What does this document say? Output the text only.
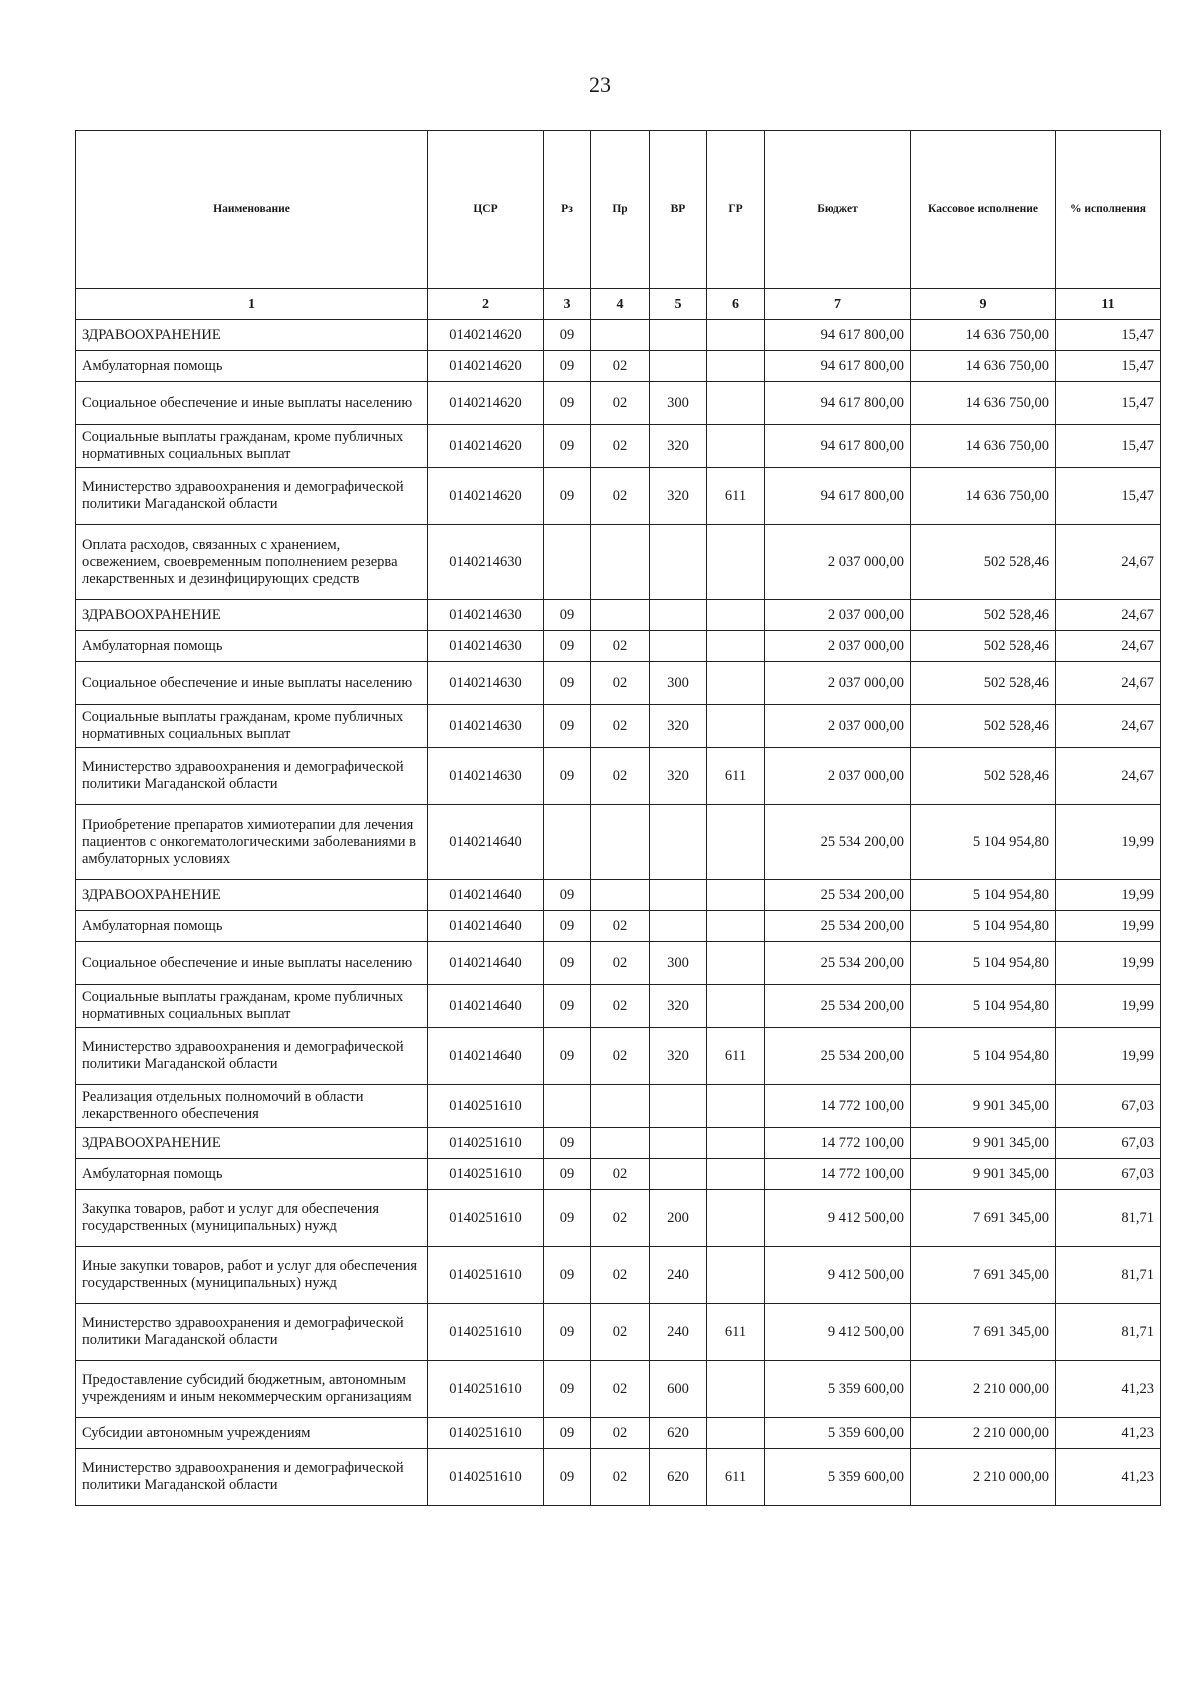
23
Наименование	ЦСР	Рз	Пр	ВР	ГР	Бюджет	Кассовое исполнение	% исполнения
1	2	3	4	5	6	7	9	11
ЗДРАВООХРАНЕНИЕ	0140214620	09				94 617 800,00	14 636 750,00	15,47
Амбулаторная помощь	0140214620	09	02			94 617 800,00	14 636 750,00	15,47
Социальное обеспечение и иные выплаты населению	0140214620	09	02	300		94 617 800,00	14 636 750,00	15,47
Социальные выплаты гражданам, кроме публичных нормативных социальных выплат	0140214620	09	02	320		94 617 800,00	14 636 750,00	15,47
Министерство здравоохранения и демографической политики Магаданской области	0140214620	09	02	320	611	94 617 800,00	14 636 750,00	15,47
Оплата расходов, связанных с хранением, освежением, своевременным пополнением резерва лекарственных и дезинфицирующих средств	0140214630					2 037 000,00	502 528,46	24,67
ЗДРАВООХРАНЕНИЕ	0140214630	09				2 037 000,00	502 528,46	24,67
Амбулаторная помощь	0140214630	09	02			2 037 000,00	502 528,46	24,67
Социальное обеспечение и иные выплаты населению	0140214630	09	02	300		2 037 000,00	502 528,46	24,67
Социальные выплаты гражданам, кроме публичных нормативных социальных выплат	0140214630	09	02	320		2 037 000,00	502 528,46	24,67
Министерство здравоохранения и демографической политики Магаданской области	0140214630	09	02	320	611	2 037 000,00	502 528,46	24,67
Приобретение препаратов химиотерапии для лечения пациентов с онкогематологическими заболеваниями в амбулаторных условиях	0140214640					25 534 200,00	5 104 954,80	19,99
ЗДРАВООХРАНЕНИЕ	0140214640	09				25 534 200,00	5 104 954,80	19,99
Амбулаторная помощь	0140214640	09	02			25 534 200,00	5 104 954,80	19,99
Социальное обеспечение и иные выплаты населению	0140214640	09	02	300		25 534 200,00	5 104 954,80	19,99
Социальные выплаты гражданам, кроме публичных нормативных социальных выплат	0140214640	09	02	320		25 534 200,00	5 104 954,80	19,99
Министерство здравоохранения и демографической политики Магаданской области	0140214640	09	02	320	611	25 534 200,00	5 104 954,80	19,99
Реализация отдельных полномочий в области лекарственного обеспечения	0140251610					14 772 100,00	9 901 345,00	67,03
ЗДРАВООХРАНЕНИЕ	0140251610	09				14 772 100,00	9 901 345,00	67,03
Амбулаторная помощь	0140251610	09	02			14 772 100,00	9 901 345,00	67,03
Закупка товаров, работ и услуг для обеспечения государственных (муниципальных) нужд	0140251610	09	02	200		9 412 500,00	7 691 345,00	81,71
Иные закупки товаров, работ и услуг для обеспечения государственных (муниципальных) нужд	0140251610	09	02	240		9 412 500,00	7 691 345,00	81,71
Министерство здравоохранения и демографической политики Магаданской области	0140251610	09	02	240	611	9 412 500,00	7 691 345,00	81,71
Предоставление субсидий бюджетным, автономным учреждениям и иным некоммерческим организациям	0140251610	09	02	600		5 359 600,00	2 210 000,00	41,23
Субсидии автономным учреждениям	0140251610	09	02	620		5 359 600,00	2 210 000,00	41,23
Министерство здравоохранения и демографической политики Магаданской области	0140251610	09	02	620	611	5 359 600,00	2 210 000,00	41,23
